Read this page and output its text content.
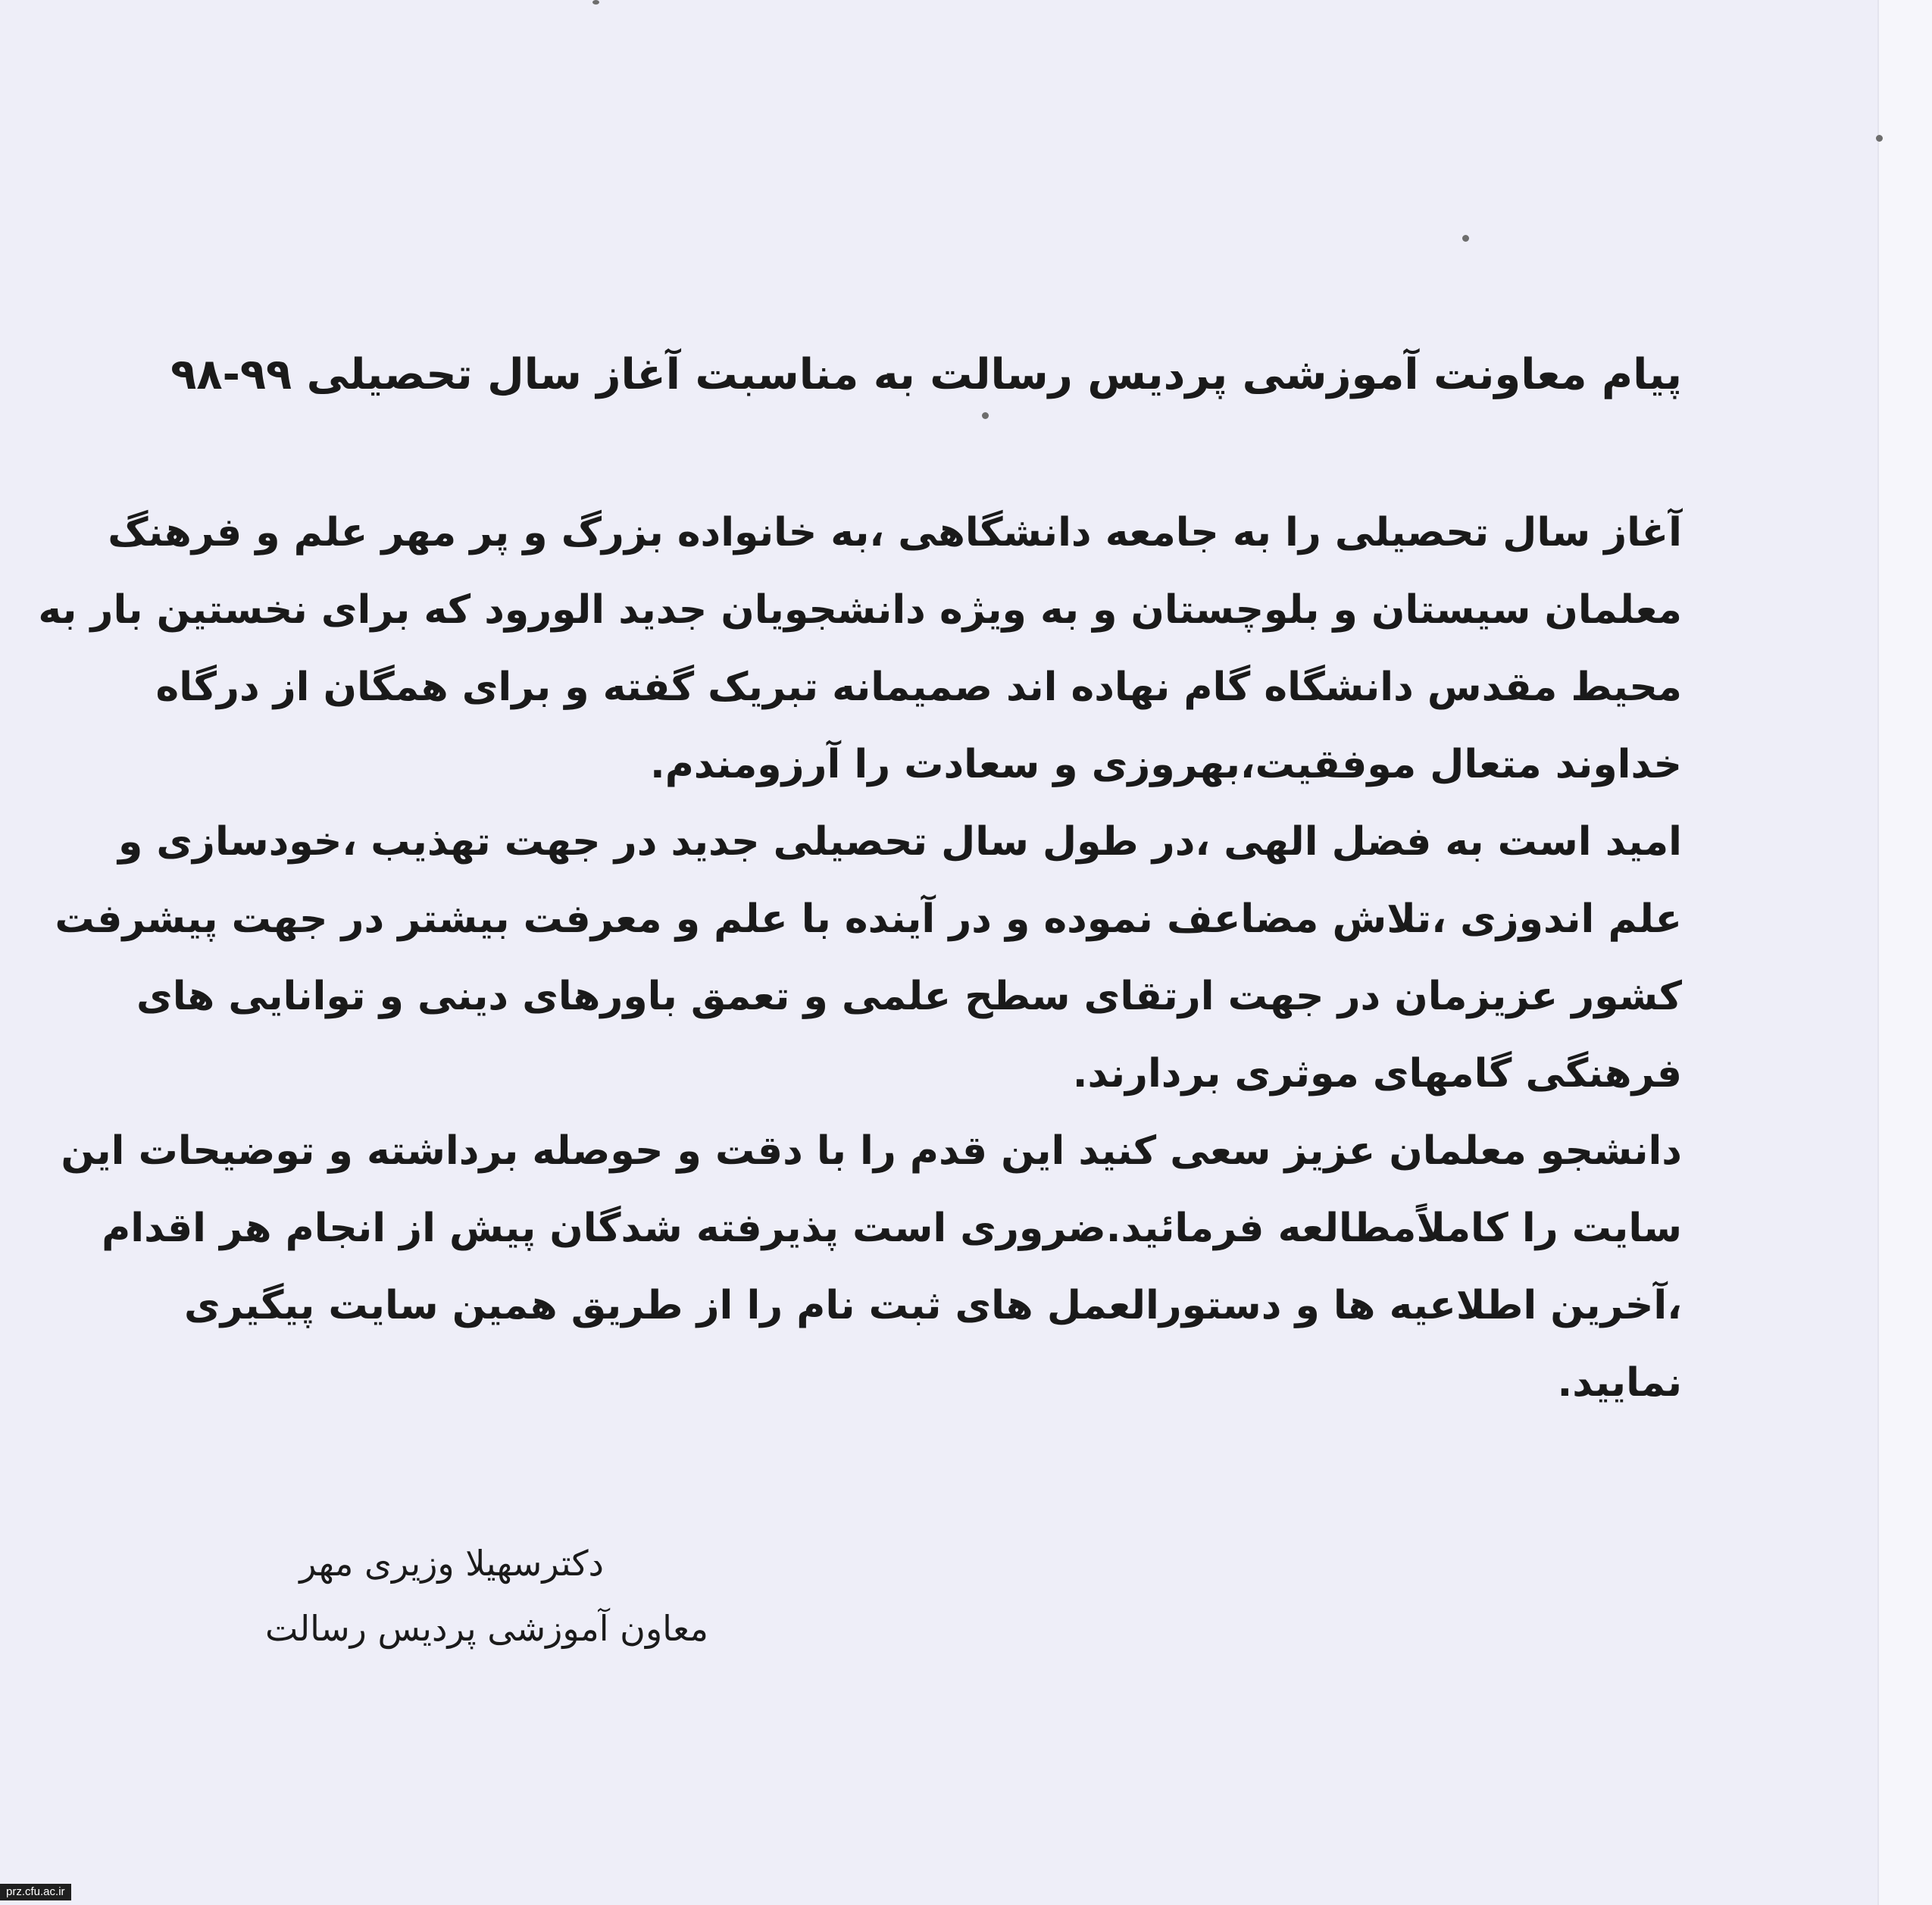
پیام معاونت آموزشی پردیس رسالت به مناسبت آغاز سال تحصیلی ۹۹-۹۸
آغاز سال تحصیلی را به جامعه دانشگاهی ،به خانواده بزرگ و پر مهر علم و فرهنگ
معلمان سیستان و بلوچستان و به ویژه دانشجویان جدید الورود که برای نخستین بار به
محیط مقدس دانشگاه گام نهاده اند صمیمانه تبریک گفته و برای همگان از درگاه
خداوند متعال موفقیت،بهروزی و سعادت را آرزومندم.
امید است به فضل الهی ،در طول سال تحصیلی جدید در جهت تهذیب ،خودسازی و
علم اندوزی ،تلاش مضاعف نموده و در آینده با علم و معرفت بیشتر در جهت پیشرفت
کشور عزیزمان در جهت ارتقای سطح علمی و تعمق باورهای دینی و توانایی های
فرهنگی گامهای موثری بردارند.
دانشجو معلمان عزیز سعی کنید این قدم را با دقت و حوصله برداشته و توضیحات این
سایت را کاملاًمطالعه فرمائید.ضروری است پذیرفته شدگان پیش از انجام هر اقدام
،آخرین اطلاعیه ها و دستورالعمل های ثبت نام را از طریق همین سایت پیگیری
نمایید.
دکترسهیلا وزیری مهر
معاون آموزشی پردیس رسالت
prz.cfu.ac.ir
